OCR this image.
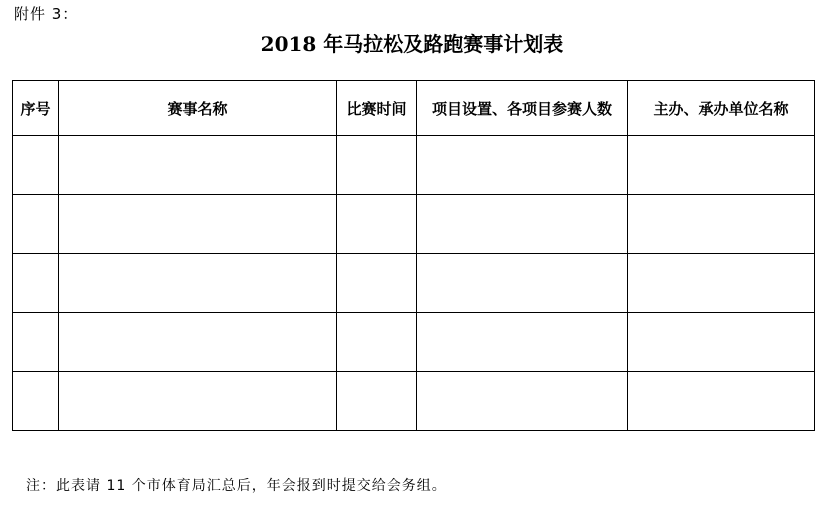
附件 3：
2018 年马拉松及路跑赛事计划表
序号	赛事名称	比赛时间	项目设置、各项目参赛人数	主办、承办单位名称

注：此表请 11 个市体育局汇总后，年会报到时提交给会务组。
